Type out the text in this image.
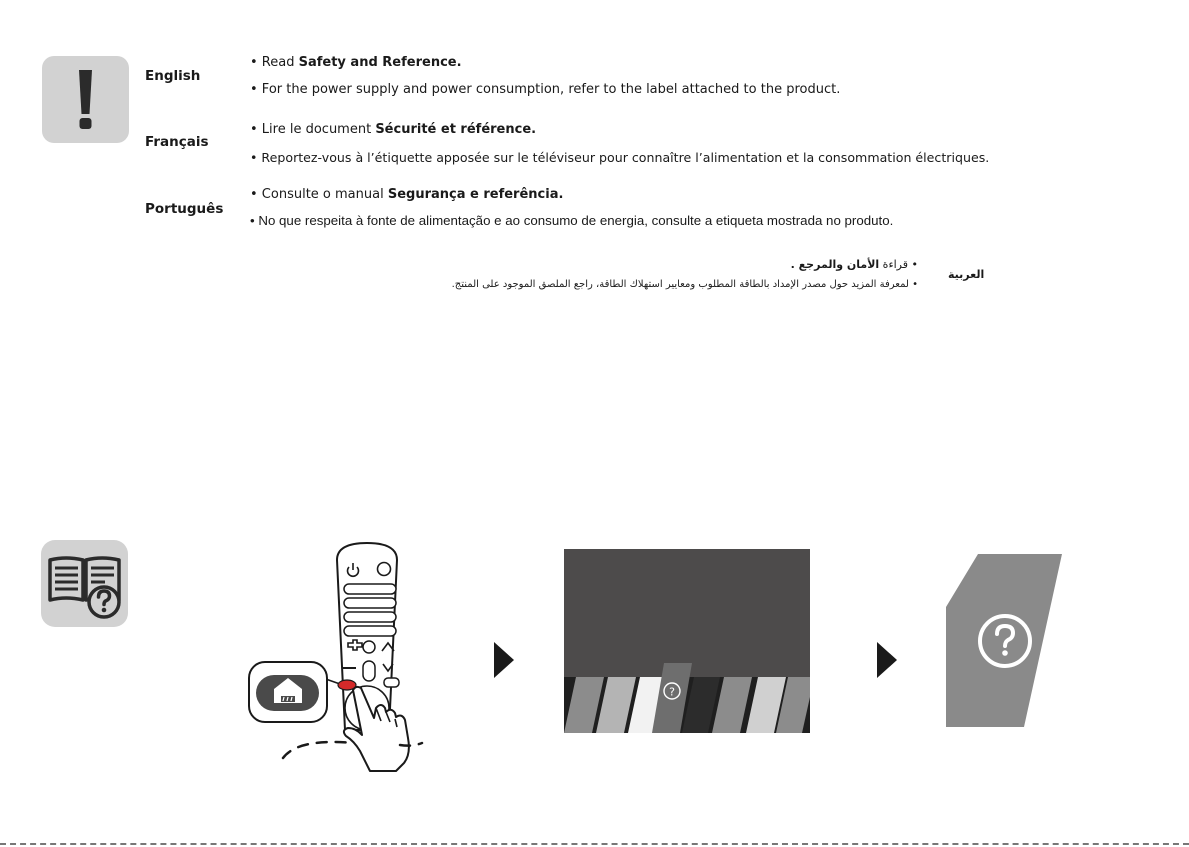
English
Français
Português
• Read Safety and Reference.
• For the power supply and power consumption, refer to the label attached to the product.
• Lire le document Sécurité et référence.
• Reportez-vous à l’étiquette apposée sur le téléviseur pour connaître l’alimentation et la consommation électriques.
• Consulte o manual Segurança e referência.
• No que respeita à fonte de alimentação e ao consumo de energia, consulte a etiqueta mostrada no produto.
• قراءة الأمان والمرجع .
• لمعرفة المزيد حول مصدر الإمداد بالطاقة المطلوب ومعايير استهلاك الطاقة، راجع الملصق الموجود على المنتج.
العربية
?
